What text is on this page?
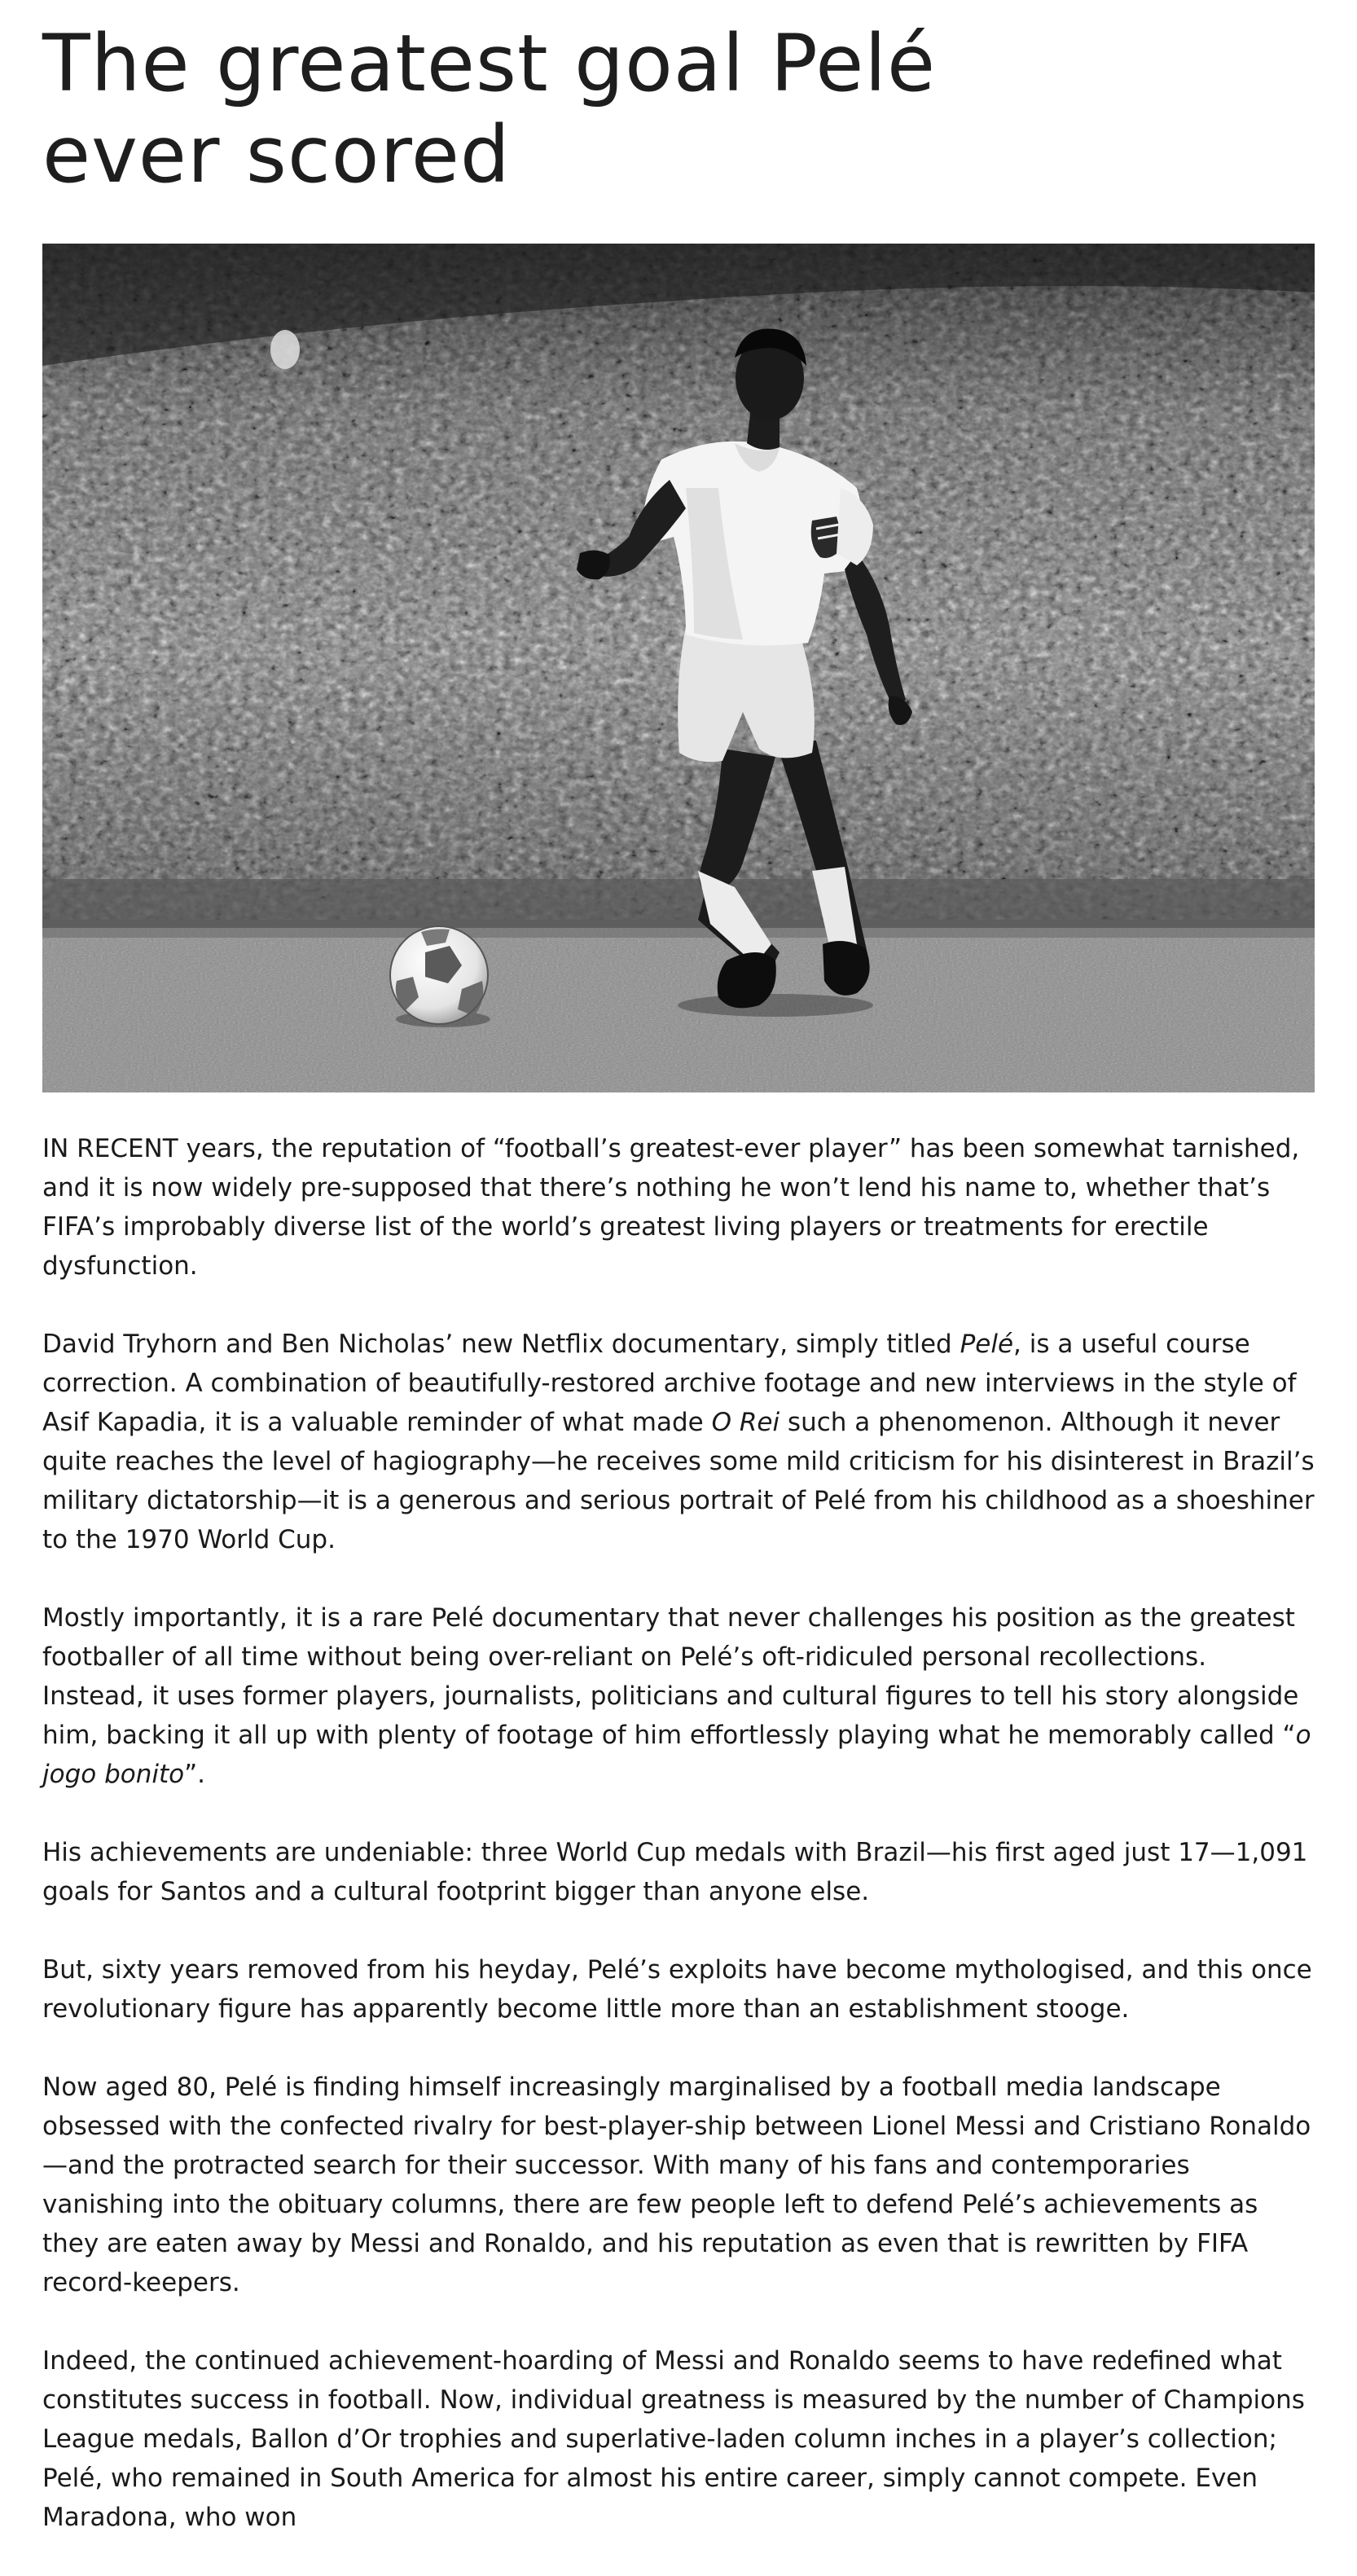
The greatest goal Pelé ever scored

IN RECENT years, the reputation of “football’s greatest-ever player” has been somewhat tarnished, and it is now widely pre-supposed that there’s nothing he won’t lend his name to, whether that’s FIFA’s improbably diverse list of the world’s greatest living players or treatments for erectile dysfunction.

David Tryhorn and Ben Nicholas’ new Netflix documentary, simply titled Pelé, is a useful course correction. A combination of beautifully-restored archive footage and new interviews in the style of Asif Kapadia, it is a valuable reminder of what made O Rei such a phenomenon. Although it never quite reaches the level of hagiography—he receives some mild criticism for his disinterest in Brazil’s military dictatorship—it is a generous and serious portrait of Pelé from his childhood as a shoeshiner to the 1970 World Cup.

Mostly importantly, it is a rare Pelé documentary that never challenges his position as the greatest footballer of all time without being over-reliant on Pelé’s oft-ridiculed personal recollections. Instead, it uses former players, journalists, politicians and cultural figures to tell his story alongside him, backing it all up with plenty of footage of him effortlessly playing what he memorably called “o jogo bonito”.

His achievements are undeniable: three World Cup medals with Brazil—his first aged just 17—1,091 goals for Santos and a cultural footprint bigger than anyone else.

But, sixty years removed from his heyday, Pelé’s exploits have become mythologised, and this once revolutionary figure has apparently become little more than an establishment stooge.

Now aged 80, Pelé is finding himself increasingly marginalised by a football media landscape obsessed with the confected rivalry for best-player-ship between Lionel Messi and Cristiano Ronaldo—and the protracted search for their successor. With many of his fans and contemporaries vanishing into the obituary columns, there are few people left to defend Pelé’s achievements as they are eaten away by Messi and Ronaldo, and his reputation as even that is rewritten by FIFA record-keepers.

Indeed, the continued achievement-hoarding of Messi and Ronaldo seems to have redefined what constitutes success in football. Now, individual greatness is measured by the number of Champions League medals, Ballon d’Or trophies and superlative-laden column inches in a player’s collection; Pelé, who remained in South America for almost his entire career, simply cannot compete. Even Maradona, who won
